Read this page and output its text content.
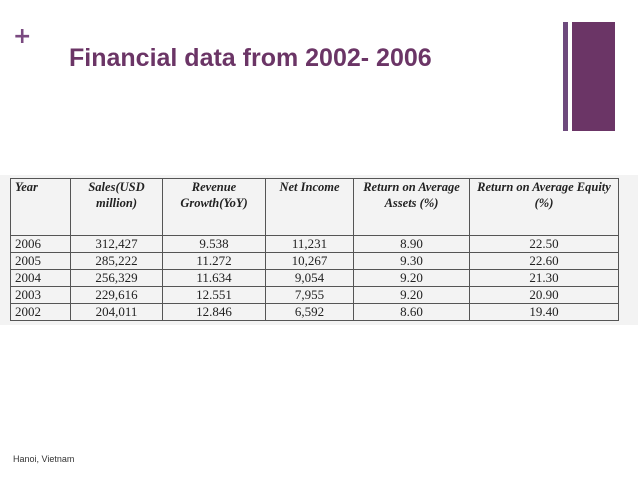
+
Financial data from 2002- 2006
Year	Sales(USD million)	Revenue Growth(YoY)	Net Income	Return on Average Assets (%)	Return on Average Equity (%)
2006	312,427	9.538	11,231	8.90	22.50
2005	285,222	11.272	10,267	9.30	22.60
2004	256,329	11.634	9,054	9.20	21.30
2003	229,616	12.551	7,955	9.20	20.90
2002	204,011	12.846	6,592	8.60	19.40
Hanoi, Vietnam
